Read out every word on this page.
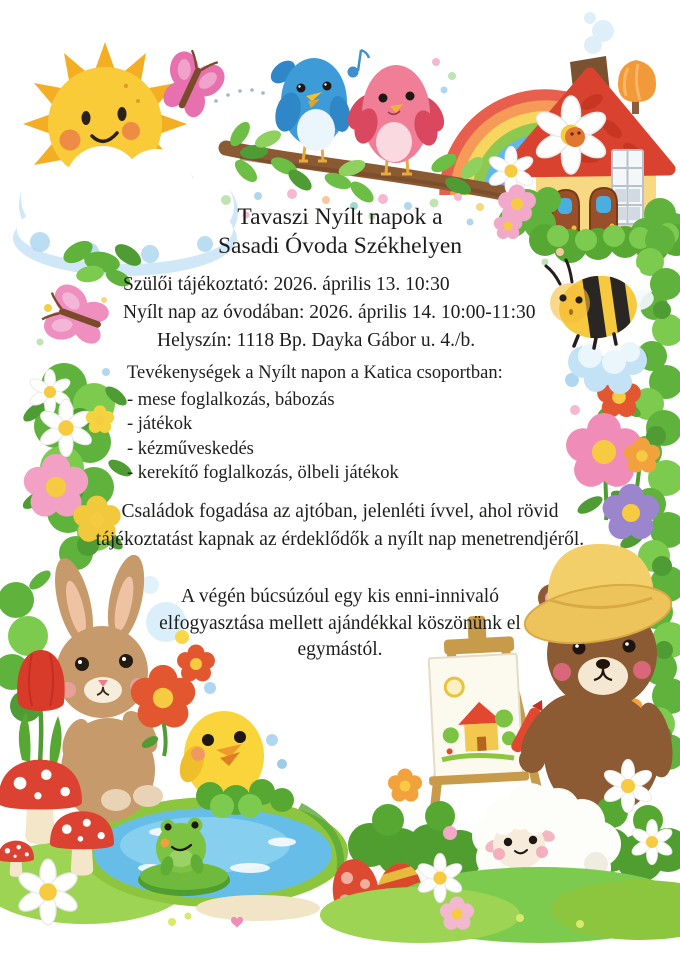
Tavaszi Nyílt napok a
Sasadi Óvoda Székhelyen
Szülői tájékoztató: 2026. április 13. 10:30
Nyílt nap az óvodában: 2026. április 14. 10:00-11:30
Helyszín: 1118 Bp. Dayka Gábor u. 4./b.
Tevékenységek a Nyílt napon a Katica csoportban:
- mese foglalkozás, bábozás
- játékok
- kézműveskedés
- kerekítő foglalkozás, ölbeli játékok
Családok fogadása az ajtóban, jelenléti ívvel, ahol rövid
tájékoztatást kapnak az érdeklődők a nyílt nap menetrendjéről.
A végén búcsúzóul egy kis enni-innivaló
elfogyasztása mellett ajándékkal köszönünk el
egymástól.
